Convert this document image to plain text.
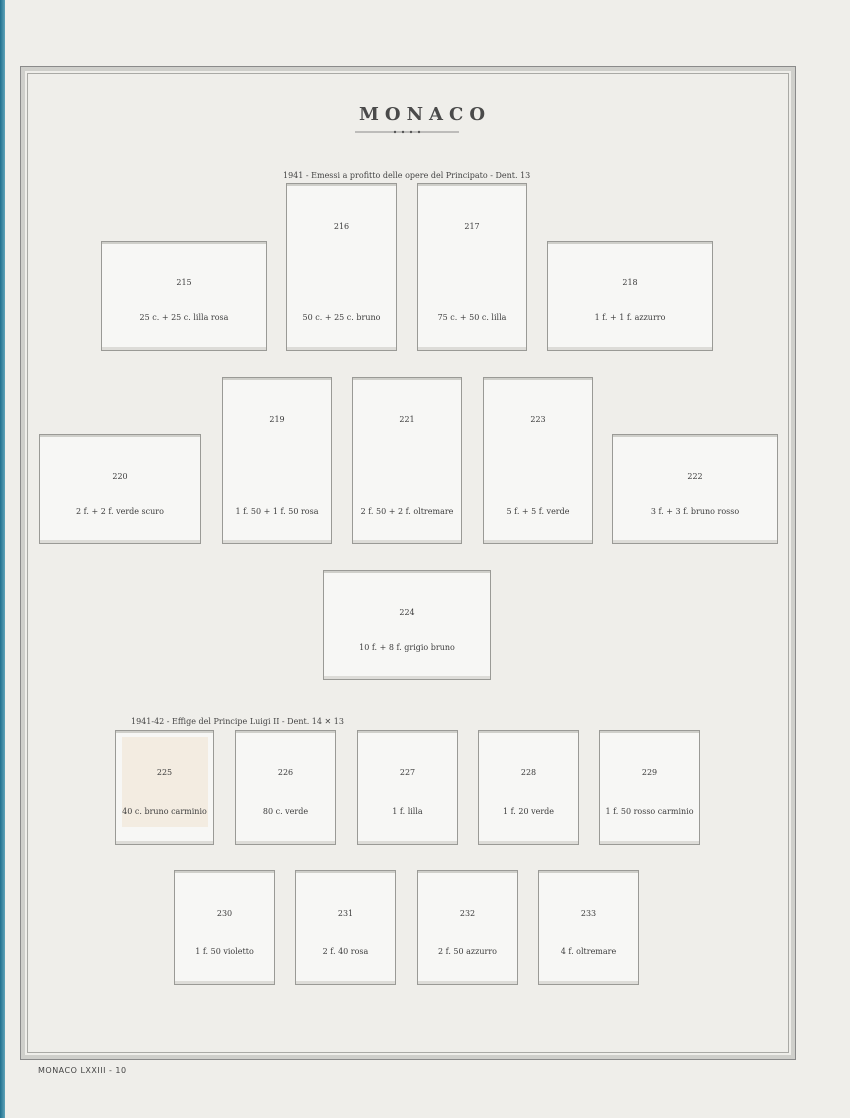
MONACO
1941 - Emessi a profitto delle opere del Principato - Dent. 13
215
25 c. + 25 c. lilla rosa
216
50 c. + 25 c. bruno
217
75 c. + 50 c. lilla
218
1 f. + 1 f. azzurro
220
2 f. + 2 f. verde scuro
219
1 f. 50 + 1 f. 50 rosa
221
2 f. 50 + 2 f. oltremare
223
5 f. + 5 f. verde
222
3 f. + 3 f. bruno rosso
224
10 f. + 8 f. grigio bruno
1941-42 - Effige del Principe Luigi II - Dent. 14 ✕ 13
225
40 c. bruno carminio
226
80 c. verde
227
1 f. lilla
228
1 f. 20 verde
229
1 f. 50 rosso carminio
230
1 f. 50 violetto
231
2 f. 40 rosa
232
2 f. 50 azzurro
233
4 f. oltremare
MONACO LXXIII - 10
